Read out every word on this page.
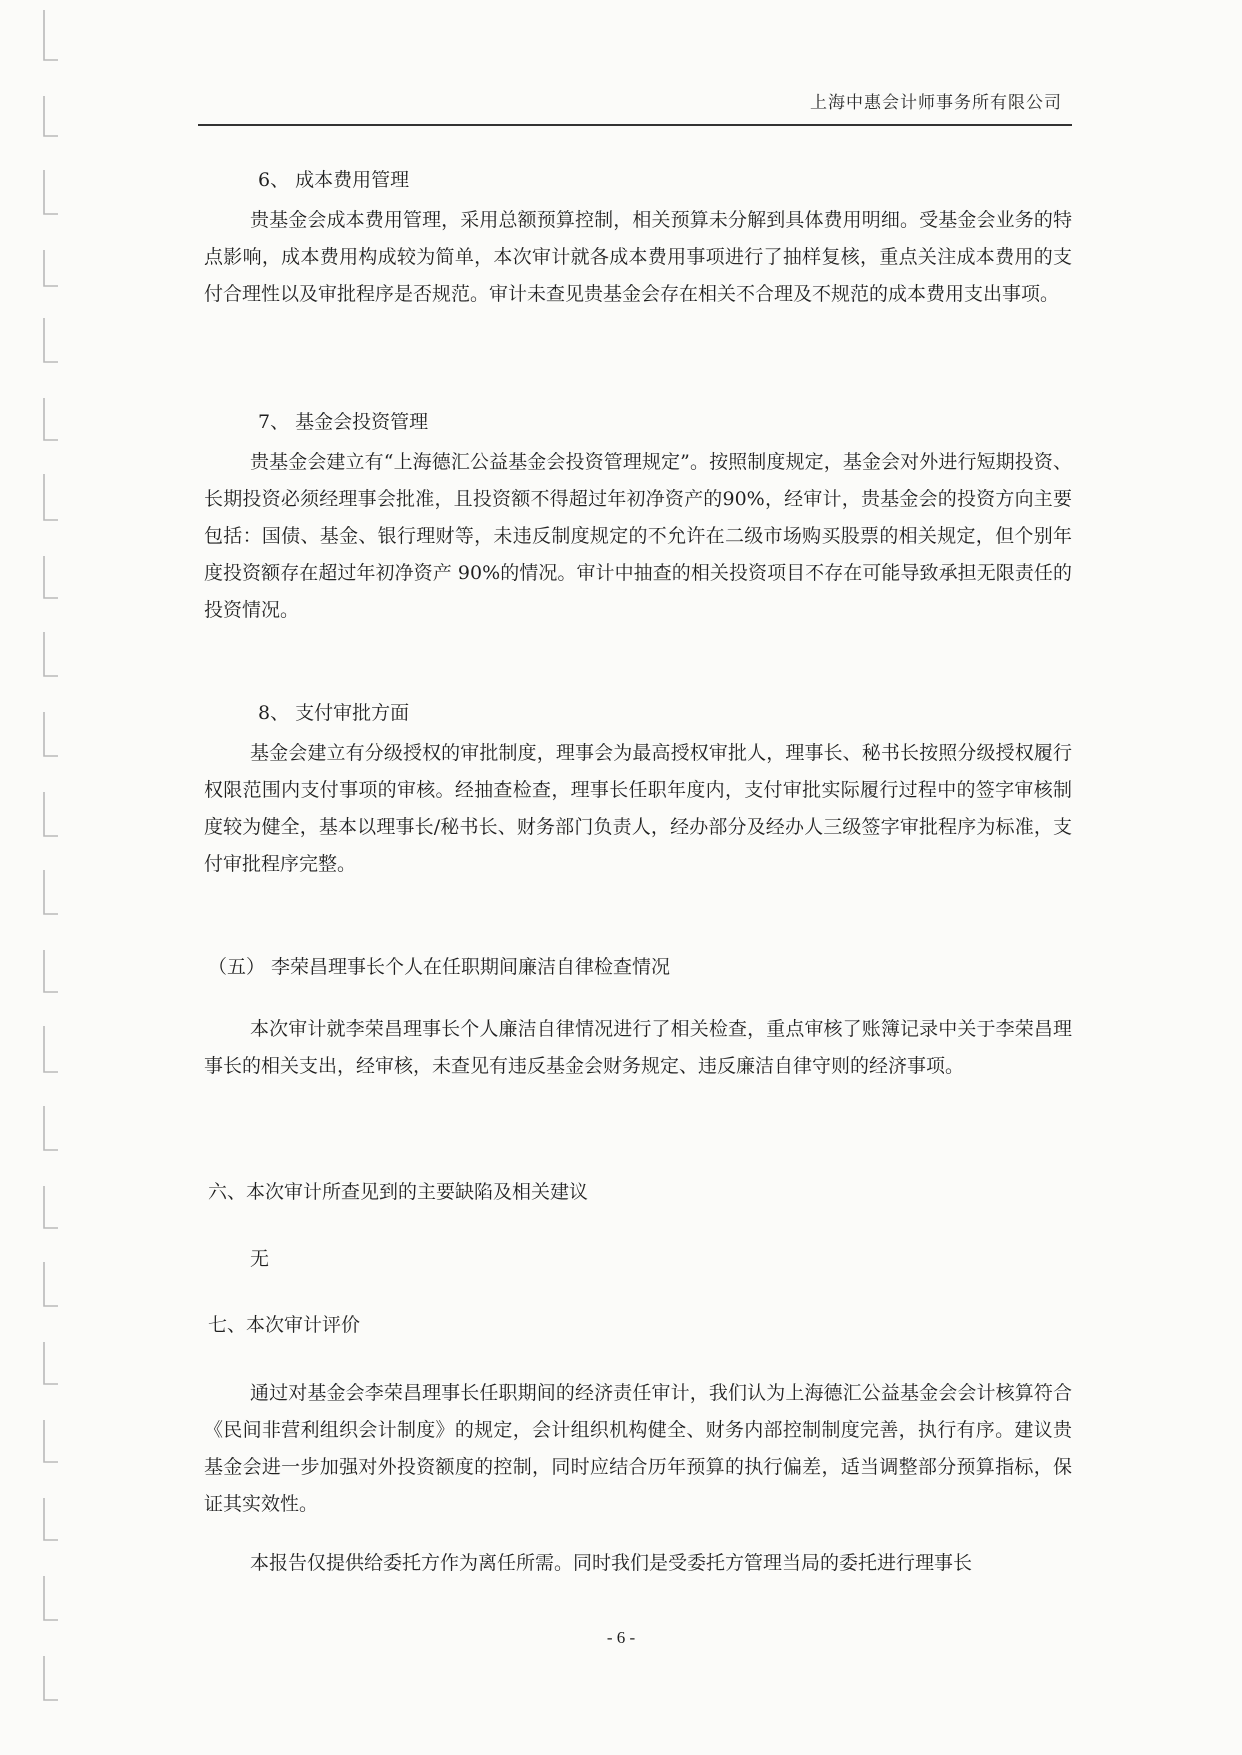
上海中惠会计师事务所有限公司

6、 成本费用管理

贵基金会成本费用管理，采用总额预算控制，相关预算未分解到具体费用明细。受基金会业务的特点影响，成本费用构成较为简单，本次审计就各成本费用事项进行了抽样复核，重点关注成本费用的支付合理性以及审批程序是否规范。审计未查见贵基金会存在相关不合理及不规范的成本费用支出事项。

7、 基金会投资管理

贵基金会建立有“上海德汇公益基金会投资管理规定”。按照制度规定，基金会对外进行短期投资、长期投资必须经理事会批准，且投资额不得超过年初净资产的90%，经审计，贵基金会的投资方向主要包括：国债、基金、银行理财等，未违反制度规定的不允许在二级市场购买股票的相关规定，但个别年度投资额存在超过年初净资产 90%的情况。审计中抽查的相关投资项目不存在可能导致承担无限责任的投资情况。

8、 支付审批方面

基金会建立有分级授权的审批制度，理事会为最高授权审批人，理事长、秘书长按照分级授权履行权限范围内支付事项的审核。经抽查检查，理事长任职年度内，支付审批实际履行过程中的签字审核制度较为健全，基本以理事长/秘书长、财务部门负责人，经办部分及经办人三级签字审批程序为标准，支付审批程序完整。

（五） 李荣昌理事长个人在任职期间廉洁自律检查情况

本次审计就李荣昌理事长个人廉洁自律情况进行了相关检查，重点审核了账簿记录中关于李荣昌理事长的相关支出，经审核，未查见有违反基金会财务规定、违反廉洁自律守则的经济事项。

六、本次审计所查见到的主要缺陷及相关建议

无

七、本次审计评价

通过对基金会李荣昌理事长任职期间的经济责任审计，我们认为上海德汇公益基金会会计核算符合《民间非营利组织会计制度》的规定，会计组织机构健全、财务内部控制制度完善，执行有序。建议贵基金会进一步加强对外投资额度的控制，同时应结合历年预算的执行偏差，适当调整部分预算指标，保证其实效性。

本报告仅提供给委托方作为离任所需。同时我们是受委托方管理当局的委托进行理事长

- 6 -
